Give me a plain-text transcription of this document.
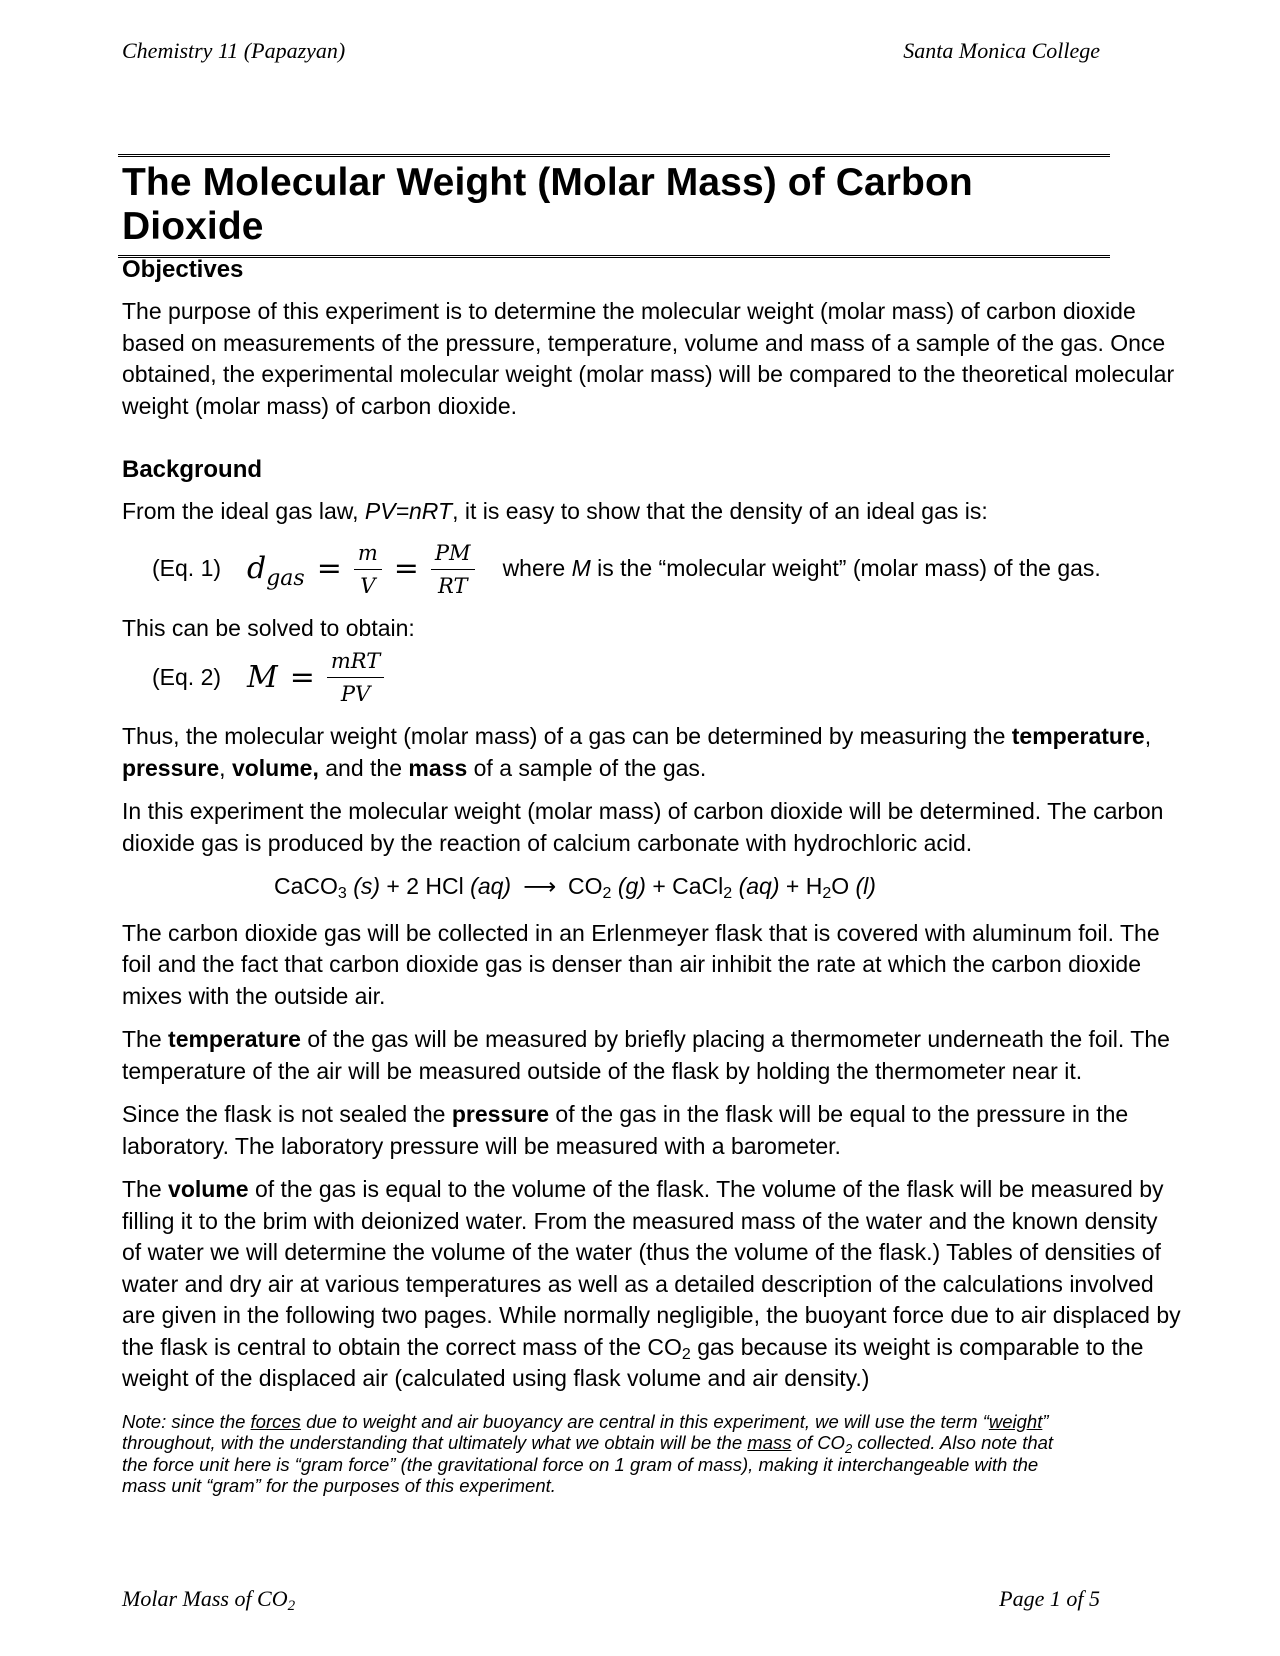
Chemistry 11 (Papazyan)	Santa Monica College
The Molecular Weight (Molar Mass) of Carbon Dioxide
Objectives

The purpose of this experiment is to determine the molecular weight (molar mass) of carbon dioxide based on measurements of the pressure, temperature, volume and mass of a sample of the gas. Once obtained, the experimental molecular weight (molar mass) will be compared to the theoretical molecular weight (molar mass) of carbon dioxide.

Background

From the ideal gas law, PV=nRT, it is easy to show that the density of an ideal gas is:

(Eq. 1) $d_{gas} = \frac{m}{V} = \frac{PM}{RT}$ where M is the “molecular weight” (molar mass) of the gas.

This can be solved to obtain:

(Eq. 2) $M = \frac{\text{mRT}}{PV}$

Thus, the molecular weight (molar mass) of a gas can be determined by measuring the temperature, pressure, volume, and the mass of a sample of the gas.

In this experiment the molecular weight (molar mass) of carbon dioxide will be determined. The carbon dioxide gas is produced by the reaction of calcium carbonate with hydrochloric acid.

CaCO$_3$ (s) + 2 HCl (aq) ⟶ $CO_2$ (g) + CaCl$_2$ $(aq) + H_2O$ (l)

The carbon dioxide gas will be collected in an Erlenmeyer flask that is covered with aluminum foil. The foil and the fact that carbon dioxide gas is denser than air inhibit the rate at which the carbon dioxide mixes with the outside air.

The temperature of the gas will be measured by briefly placing a thermometer underneath the foil. The temperature of the air will be measured outside of the flask by holding the thermometer near it.

Since the flask is not sealed the pressure of the gas in the flask will be equal to the pressure in the laboratory. The laboratory pressure will be measured with a barometer.

The volume of the gas is equal to the volume of the flask. The volume of the flask will be measured by filling it to the brim with deionized water. From the measured mass of the water and the known density of water we will determine the volume of the water (thus the volume of the flask.) Tables of densities of water and dry air at various temperatures as well as a detailed description of the calculations involved are given in the following two pages. While normally negligible, the buoyant force due to air displaced by the flask is central to obtain the correct mass of the $CO_2$ gas because its weight is comparable to the weight of the displaced air (calculated using flask volume and air density.)

Note: since the forces due to weight and air buoyancy are central in this experiment, we will use the term “weight” throughout, with the understanding that ultimately what we obtain will be the mass of $CO_2$ collected. Also note that the force unit here is “gram force” (the gravitational force on 1 gram of mass), making it interchangeable with the mass unit “gram” for the purposes of this experiment.
Molar Mass of $CO_2$	Page 1 of 5
